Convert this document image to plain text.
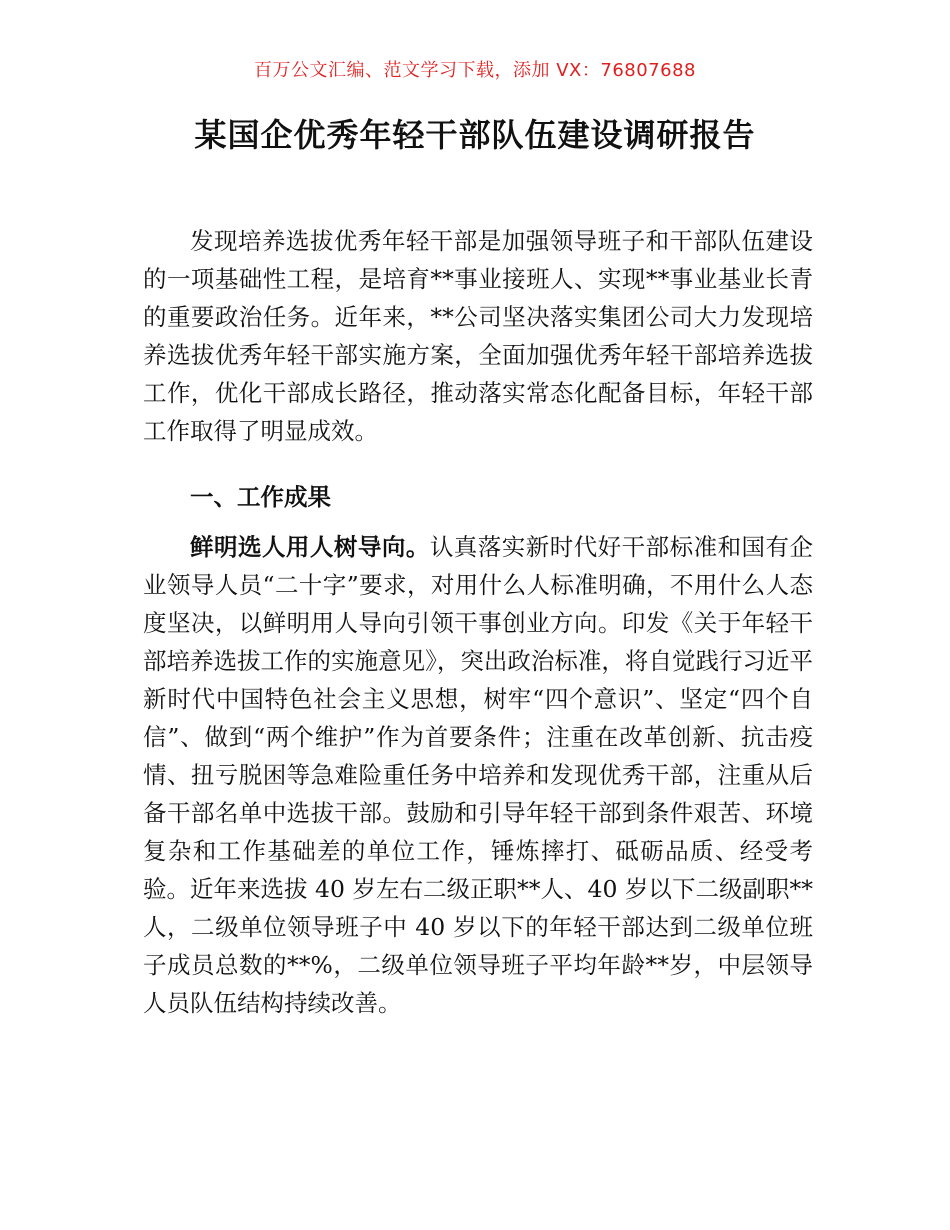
百万公文汇编、范文学习下载，添加 VX：76807688
某国企优秀年轻干部队伍建设调研报告

发现培养选拔优秀年轻干部是加强领导班子和干部队伍建设的一项基础性工程，是培育**事业接班人、实现**事业基业长青的重要政治任务。近年来，**公司坚决落实集团公司大力发现培养选拔优秀年轻干部实施方案，全面加强优秀年轻干部培养选拔工作，优化干部成长路径，推动落实常态化配备目标，年轻干部工作取得了明显成效。

一、工作成果

鲜明选人用人树导向。认真落实新时代好干部标准和国有企业领导人员“二十字”要求，对用什么人标准明确，不用什么人态度坚决，以鲜明用人导向引领干事创业方向。印发《关于年轻干部培养选拔工作的实施意见》，突出政治标准，将自觉践行习近平新时代中国特色社会主义思想，树牢“四个意识”、坚定“四个自信”、做到“两个维护”作为首要条件；注重在改革创新、抗击疫情、扭亏脱困等急难险重任务中培养和发现优秀干部，注重从后备干部名单中选拔干部。鼓励和引导年轻干部到条件艰苦、环境复杂和工作基础差的单位工作，锤炼摔打、砥砺品质、经受考验。近年来选拔 40 岁左右二级正职**人、40 岁以下二级副职**人，二级单位领导班子中 40 岁以下的年轻干部达到二级单位班子成员总数的**%，二级单位领导班子平均年龄**岁，中层领导人员队伍结构持续改善。
